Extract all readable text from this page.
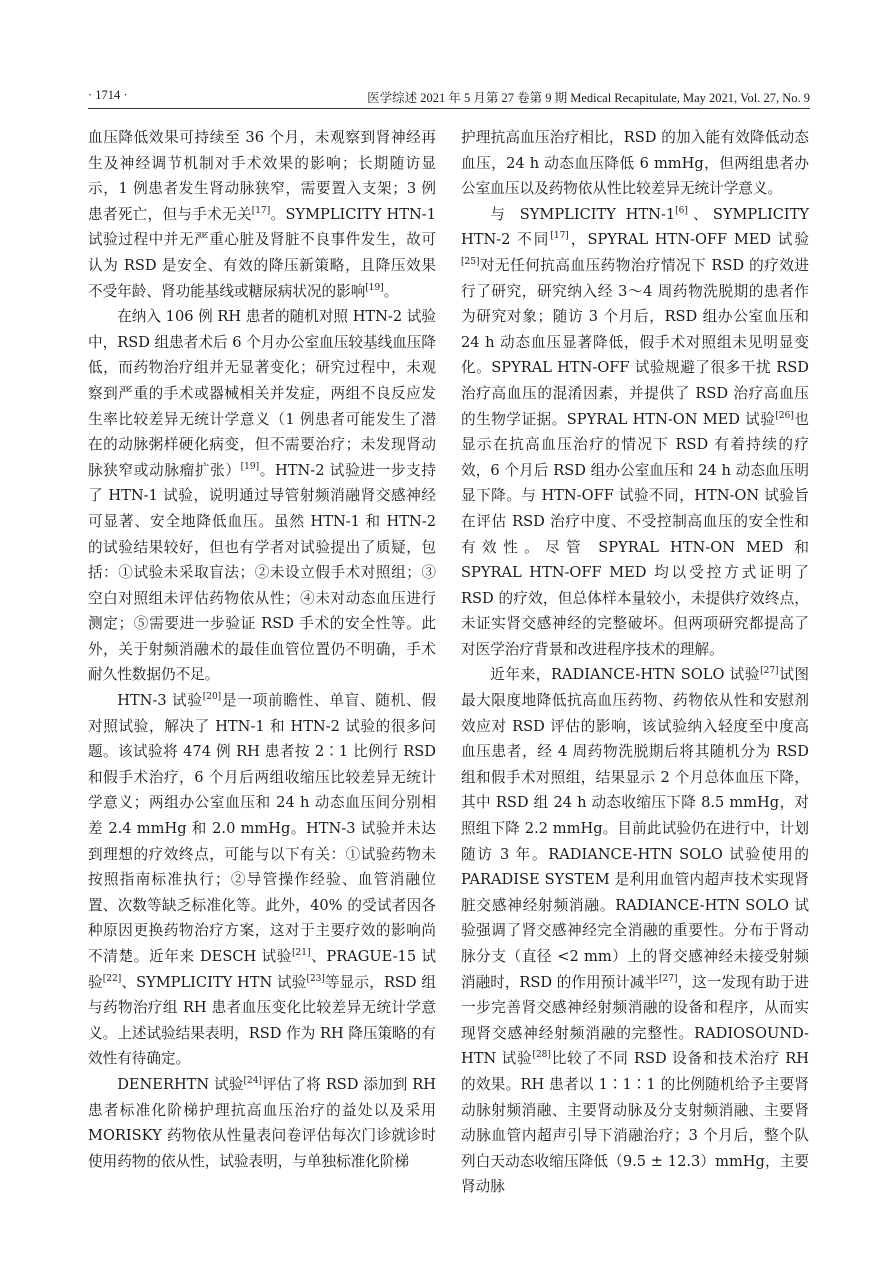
· 1714 ·	医学综述 2021 年 5 月第 27 卷第 9 期 Medical Recapitulate, May 2021, Vol. 27, No. 9

血压降低效果可持续至 36 个月，未观察到肾神经再生及神经调节机制对手术效果的影响；长期随访显示，1 例患者发生肾动脉狭窄，需要置入支架；3 例患者死亡，但与手术无关[17]。SYMPLICITY HTN-1 试验过程中并无严重心脏及肾脏不良事件发生，故可认为 RSD 是安全、有效的降压新策略，且降压效果不受年龄、肾功能基线或糖尿病状况的影响[19]。

在纳入 106 例 RH 患者的随机对照 HTN-2 试验中，RSD 组患者术后 6 个月办公室血压较基线血压降低，而药物治疗组并无显著变化；研究过程中，未观察到严重的手术或器械相关并发症，两组不良反应发生率比较差异无统计学意义（1 例患者可能发生了潜在的动脉粥样硬化病变，但不需要治疗；未发现肾动脉狭窄或动脉瘤扩张）[19]。HTN-2 试验进一步支持了 HTN-1 试验，说明通过导管射频消融肾交感神经可显著、安全地降低血压。虽然 HTN-1 和 HTN-2 的试验结果较好，但也有学者对试验提出了质疑，包括：①试验未采取盲法；②未设立假手术对照组；③空白对照组未评估药物依从性；④未对动态血压进行测定；⑤需要进一步验证 RSD 手术的安全性等。此外，关于射频消融术的最佳血管位置仍不明确，手术耐久性数据仍不足。

HTN-3 试验[20]是一项前瞻性、单盲、随机、假对照试验，解决了 HTN-1 和 HTN-2 试验的很多问题。该试验将 474 例 RH 患者按 2∶1 比例行 RSD 和假手术治疗，6 个月后两组收缩压比较差异无统计学意义；两组办公室血压和 24 h 动态血压间分别相差 2.4 mmHg 和 2.0 mmHg。HTN-3 试验并未达到理想的疗效终点，可能与以下有关：①试验药物未按照指南标准执行；②导管操作经验、血管消融位置、次数等缺乏标准化等。此外，40% 的受试者因各种原因更换药物治疗方案，这对于主要疗效的影响尚不清楚。近年来 DESCH 试验[21]、PRAGUE-15 试验[22]、SYMPLICITY HTN 试验[23]等显示，RSD 组与药物治疗组 RH 患者血压变化比较差异无统计学意义。上述试验结果表明，RSD 作为 RH 降压策略的有效性有待确定。

DENERHTN 试验[24]评估了将 RSD 添加到 RH 患者标准化阶梯护理抗高血压治疗的益处以及采用 MORISKY 药物依从性量表问卷评估每次门诊就诊时使用药物的依从性，试验表明，与单独标准化阶梯

护理抗高血压治疗相比，RSD 的加入能有效降低动态血压，24 h 动态血压降低 6 mmHg，但两组患者办公室血压以及药物依从性比较差异无统计学意义。

与 SYMPLICITY HTN-1[6]、SYMPLICITY HTN-2 不同[17]，SPYRAL HTN-OFF MED 试验[25]对无任何抗高血压药物治疗情况下 RSD 的疗效进行了研究，研究纳入经 3～4 周药物洗脱期的患者作为研究对象；随访 3 个月后，RSD 组办公室血压和 24 h 动态血压显著降低，假手术对照组未见明显变化。SPYRAL HTN-OFF 试验规避了很多干扰 RSD 治疗高血压的混淆因素，并提供了 RSD 治疗高血压的生物学证据。SPYRAL HTN-ON MED 试验[26]也显示在抗高血压治疗的情况下 RSD 有着持续的疗效，6 个月后 RSD 组办公室血压和 24 h 动态血压明显下降。与 HTN-OFF 试验不同，HTN-ON 试验旨在评估 RSD 治疗中度、不受控制高血压的安全性和有效性。尽管 SPYRAL HTN-ON MED 和 SPYRAL HTN-OFF MED 均以受控方式证明了 RSD 的疗效，但总体样本量较小，未提供疗效终点，未证实肾交感神经的完整破坏。但两项研究都提高了对医学治疗背景和改进程序技术的理解。

近年来，RADIANCE-HTN SOLO 试验[27]试图最大限度地降低抗高血压药物、药物依从性和安慰剂效应对 RSD 评估的影响，该试验纳入轻度至中度高血压患者，经 4 周药物洗脱期后将其随机分为 RSD 组和假手术对照组，结果显示 2 个月总体血压下降，其中 RSD 组 24 h 动态收缩压下降 8.5 mmHg，对照组下降 2.2 mmHg。目前此试验仍在进行中，计划随访 3 年。RADIANCE-HTN SOLO 试验使用的 PARADISE SYSTEM 是利用血管内超声技术实现肾脏交感神经射频消融。RADIANCE-HTN SOLO 试验强调了肾交感神经完全消融的重要性。分布于肾动脉分支（直径 <2 mm）上的肾交感神经未接受射频消融时，RSD 的作用预计减半[27]，这一发现有助于进一步完善肾交感神经射频消融的设备和程序，从而实现肾交感神经射频消融的完整性。RADIOSOUND-HTN 试验[28]比较了不同 RSD 设备和技术治疗 RH 的效果。RH 患者以 1∶1∶1 的比例随机给予主要肾动脉射频消融、主要肾动脉及分支射频消融、主要肾动脉血管内超声引导下消融治疗；3 个月后，整个队列白天动态收缩压降低（9.5 ± 12.3）mmHg，主要肾动脉
